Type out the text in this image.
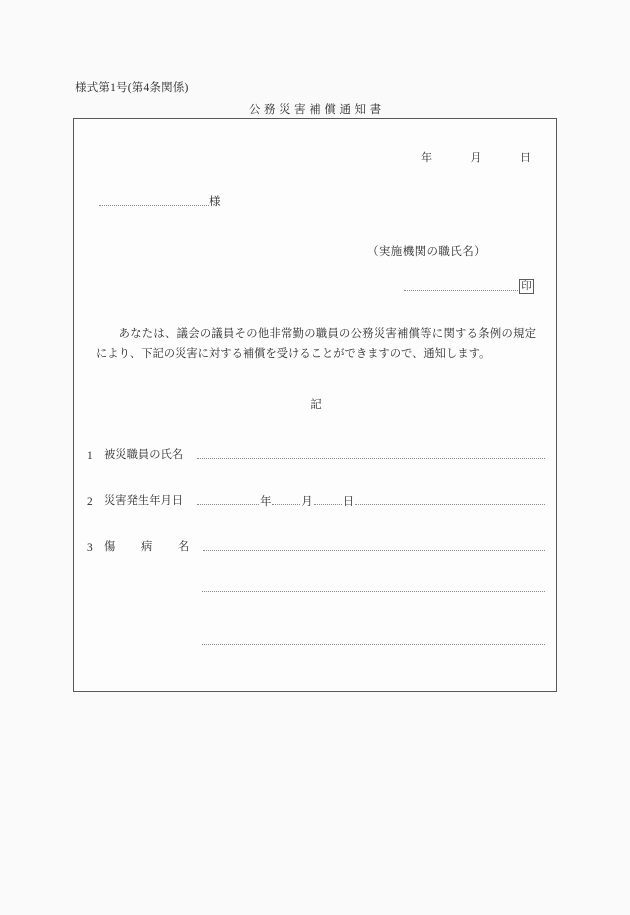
様式第1号(第4条関係)
公務災害補償通知書
年	月	日
様
（実施機関の職氏名）
印

　あなたは、議会の議員その他非常勤の職員の公務災害補償等に関する条例の規定により、下記の災害に対する補償を受けることができますので、通知します。

記
1	被災職員の氏名
2	災害発生年月日	年	月	日
3	傷 病 名
